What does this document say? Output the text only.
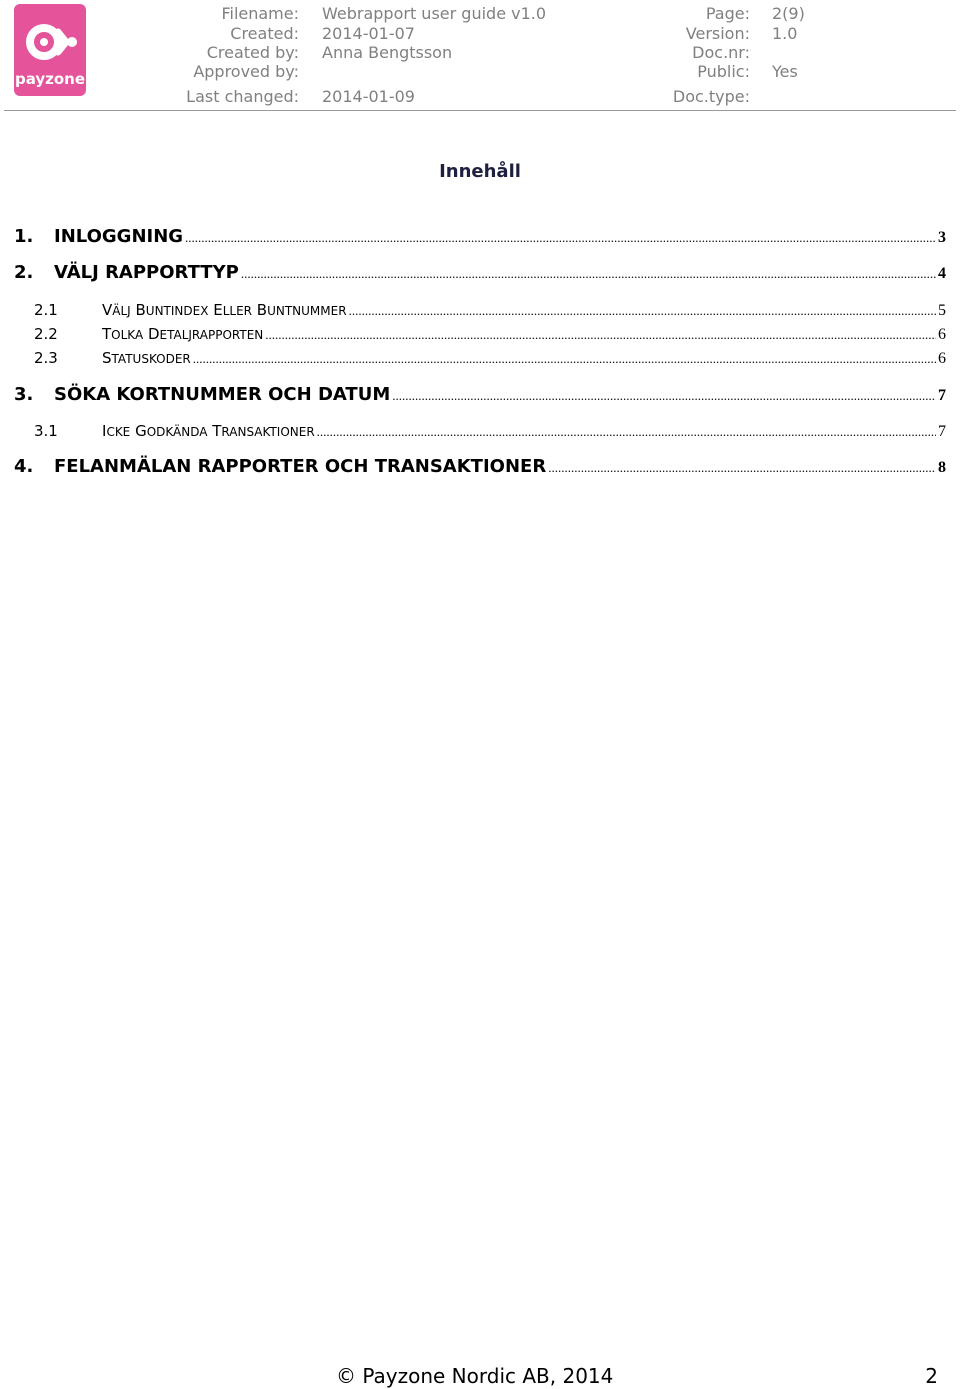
payzone
Filename: Webrapport user guide v1.0
Created: 2014-01-07
Created by: Anna Bengtsson
Approved by:
Last changed: 2014-01-09
Page: 2(9)
Version: 1.0
Doc.nr:
Public: Yes
Doc.type:
Innehåll
1.	INLOGGNING .....	3
2.	VÄLJ RAPPORTTYP .....	4
2.1	VÄLJ BUNTINDEX ELLER BUNTNUMMER .....	5
2.2	TOLKA DETALJRAPPORTEN .....	6
2.3	STATUSKODER .....	6
3.	SÖKA KORTNUMMER OCH DATUM .....	7
3.1	ICKE GODKÄNDA TRANSAKTIONER .....	7
4.	FELANMÄLAN RAPPORTER OCH TRANSAKTIONER .....	8
© Payzone Nordic AB, 2014	2
